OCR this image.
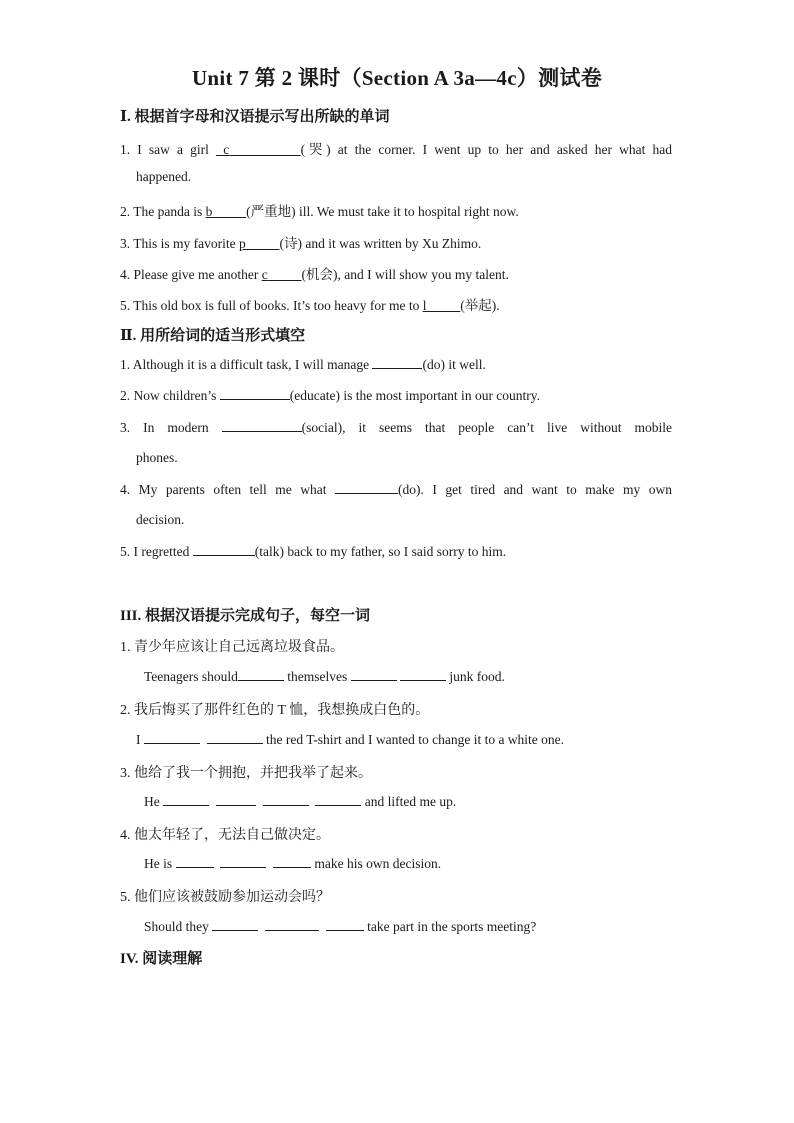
Unit 7 第 2 课时（Section A 3a—4c）测试卷
Ⅰ. 根据首字母和汉语提示写出所缺的单词
1. I saw a girl  c	(哭) at the corner. I went up to her and asked her what had
happened.
2. The panda is b	(严重地) ill. We must take it to hospital right now.
3. This is my favorite p	(诗) and it was written by Xu Zhimo.
4. Please give me another c	(机会), and I will show you my talent.
5. This old box is full of books. It’s too heavy for me to l	(举起).
Ⅱ. 用所给词的适当形式填空
1. Although it is a difficult task, I will manage	(do) it well.
2. Now children’s	(educate) is the most important in our country.
3. In modern	(social), it seems that people can’t live without mobile
phones.
4. My parents often tell me what	(do). I get tired and want to make my own
decision.
5. I regretted	(talk) back to my father, so I said sorry to him.
III. 根据汉语提示完成句子，每空一词
1. 青少年应该让自己远离垃圾食品。
Teenagers should	themselves	junk food.
2. 我后悔买了那件红色的 T 恤，我想换成白色的。
I	the red T-shirt and I wanted to change it to a white one.
3. 他给了我一个拥抱，并把我举了起来。
He	and lifted me up.
4. 他太年轻了，无法自己做决定。
He is	make his own decision.
5. 他们应该被鼓励参加运动会吗？
Should they	take part in the sports meeting?
IV. 阅读理解
